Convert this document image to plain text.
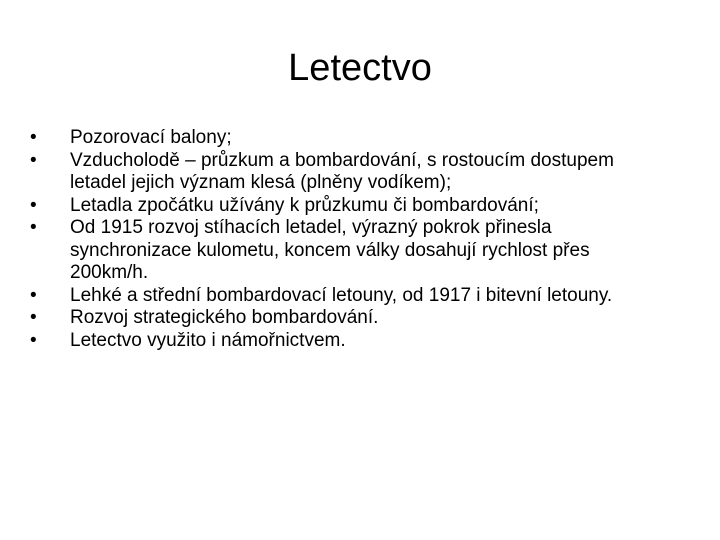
Letectvo
•	Pozorovací balony;
•	Vzducholodě – průzkum a bombardování, s rostoucím dostupem letadel jejich význam klesá (plněny vodíkem);
•	Letadla zpočátku užívány k průzkumu či bombardování;
•	Od 1915 rozvoj stíhacích letadel, výrazný pokrok přinesla synchronizace kulometu, koncem války dosahují rychlost přes 200km/h.
•	Lehké a střední bombardovací letouny, od 1917 i bitevní letouny.
•	Rozvoj strategického bombardování.
•	Letectvo využito i námořnictvem.
